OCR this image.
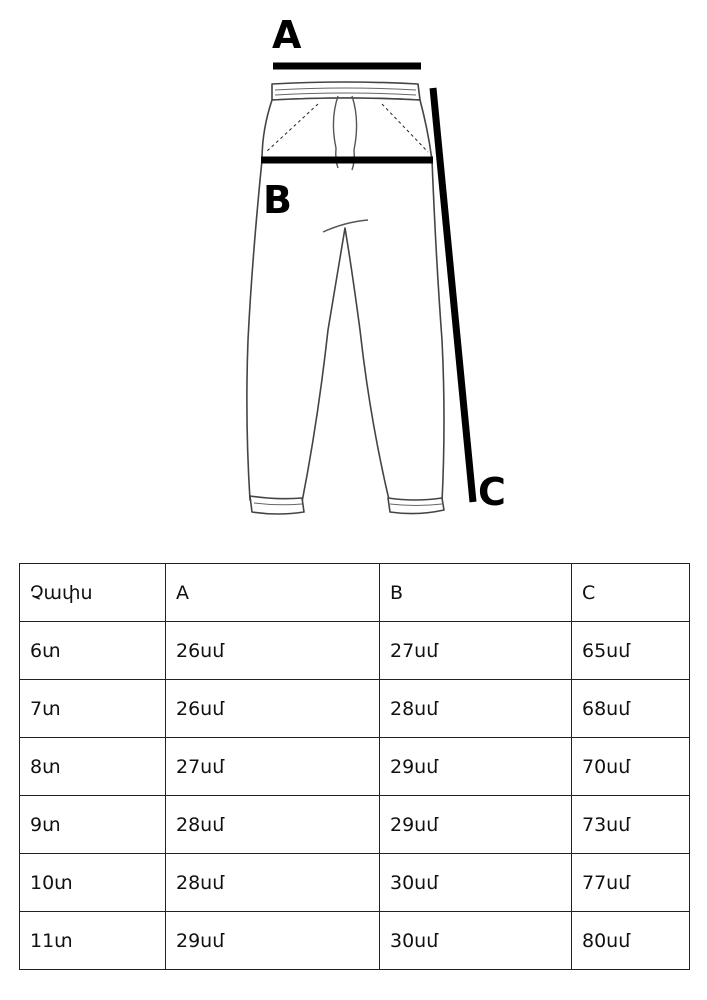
A
B
C
Չափս	A	B	C
6տ	26սմ	27սմ	65սմ
7տ	26սմ	28սմ	68սմ
8տ	27սմ	29սմ	70սմ
9տ	28սմ	29սմ	73սմ
10տ	28սմ	30սմ	77սմ
11տ	29սմ	30սմ	80սմ
